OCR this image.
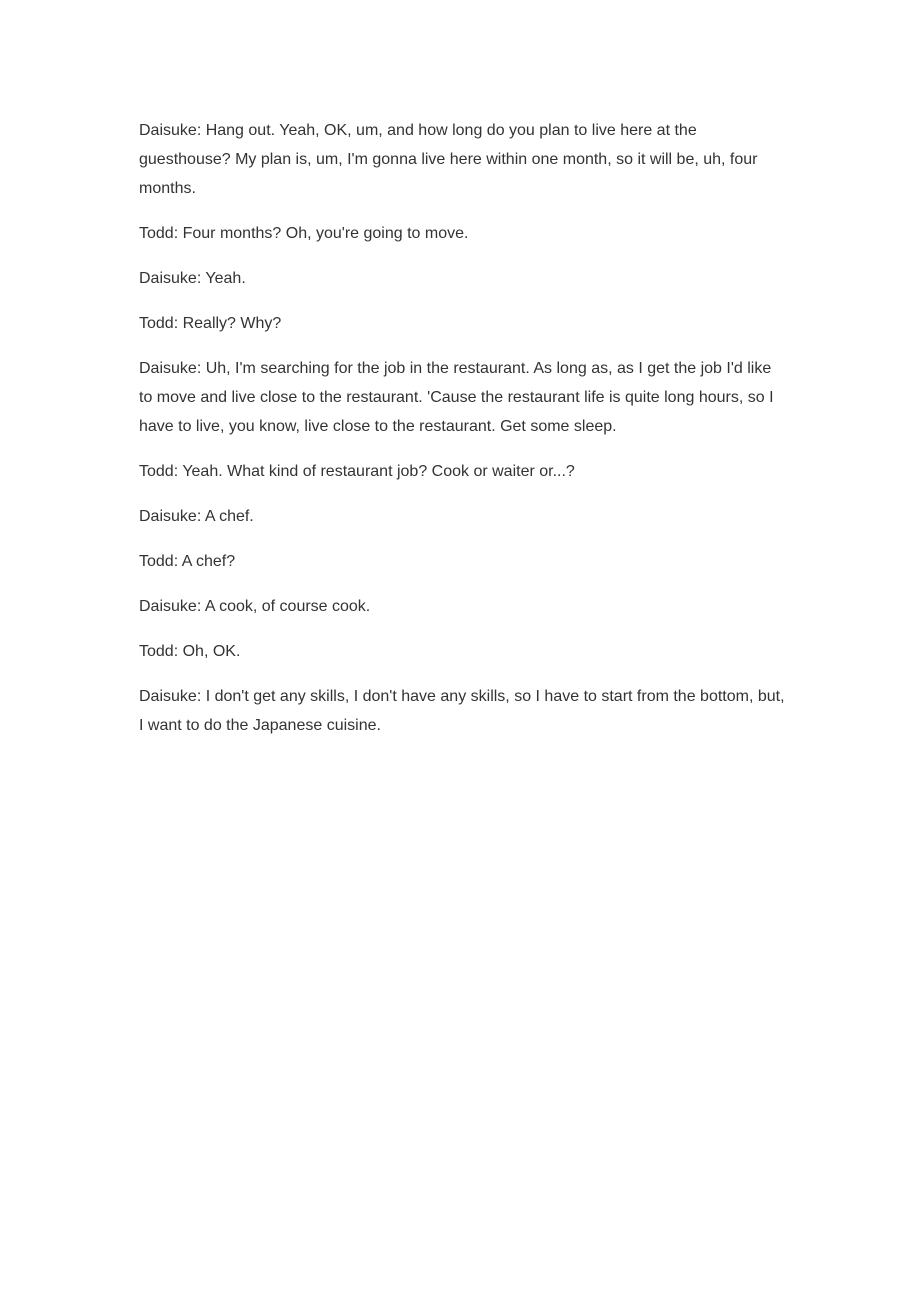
Daisuke: Hang out. Yeah, OK, um, and how long do you plan to live here at the guesthouse? My plan is, um, I'm gonna live here within one month, so it will be, uh, four months.

Todd: Four months? Oh, you're going to move.

Daisuke: Yeah.

Todd: Really? Why?

Daisuke: Uh, I'm searching for the job in the restaurant. As long as, as I get the job I'd like to move and live close to the restaurant. 'Cause the restaurant life is quite long hours, so I have to live, you know, live close to the restaurant. Get some sleep.

Todd: Yeah. What kind of restaurant job? Cook or waiter or...?

Daisuke: A chef.

Todd: A chef?

Daisuke: A cook, of course cook.

Todd: Oh, OK.

Daisuke: I don't get any skills, I don't have any skills, so I have to start from the bottom, but, I want to do the Japanese cuisine.
